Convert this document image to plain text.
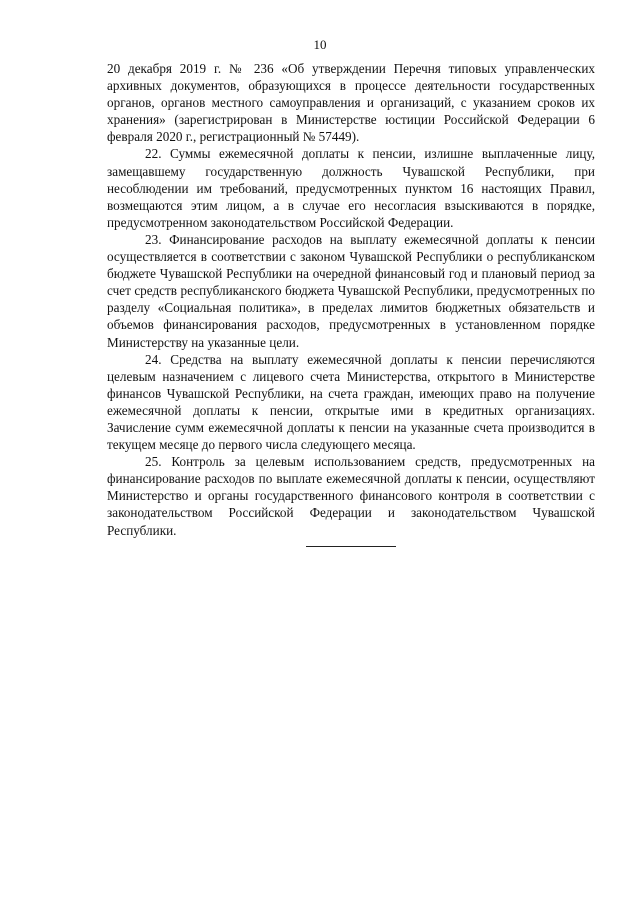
10

20 декабря 2019 г. № 236 «Об утверждении Перечня типовых управленческих архивных документов, образующихся в процессе деятельности государственных органов, органов местного самоуправления и организаций, с указанием сроков их хранения» (зарегистрирован в Министерстве юстиции Российской Федерации 6 февраля 2020 г., регистрационный № 57449).

22. Суммы ежемесячной доплаты к пенсии, излишне выплаченные лицу, замещавшему государственную должность Чувашской Республики, при несоблюдении им требований, предусмотренных пунктом 16 настоящих Правил, возмещаются этим лицом, а в случае его несогласия взыскиваются в порядке, предусмотренном законодательством Российской Федерации.

23. Финансирование расходов на выплату ежемесячной доплаты к пенсии осуществляется в соответствии с законом Чувашской Республики о республиканском бюджете Чувашской Республики на очередной финансовый год и плановый период за счет средств республиканского бюджета Чувашской Республики, предусмотренных по разделу «Социальная политика», в пределах лимитов бюджетных обязательств и объемов финансирования расходов, предусмотренных в установленном порядке Министерству на указанные цели.

24. Средства на выплату ежемесячной доплаты к пенсии перечисляются целевым назначением с лицевого счета Министерства, открытого в Министерстве финансов Чувашской Республики, на счета граждан, имеющих право на получение ежемесячной доплаты к пенсии, открытые ими в кредитных организациях. Зачисление сумм ежемесячной доплаты к пенсии на указанные счета производится в текущем месяце до первого числа следующего месяца.

25. Контроль за целевым использованием средств, предусмотренных на финансирование расходов по выплате ежемесячной доплаты к пенсии, осуществляют Министерство и органы государственного финансового контроля в соответствии с законодательством Российской Федерации и законодательством Чувашской Республики.
